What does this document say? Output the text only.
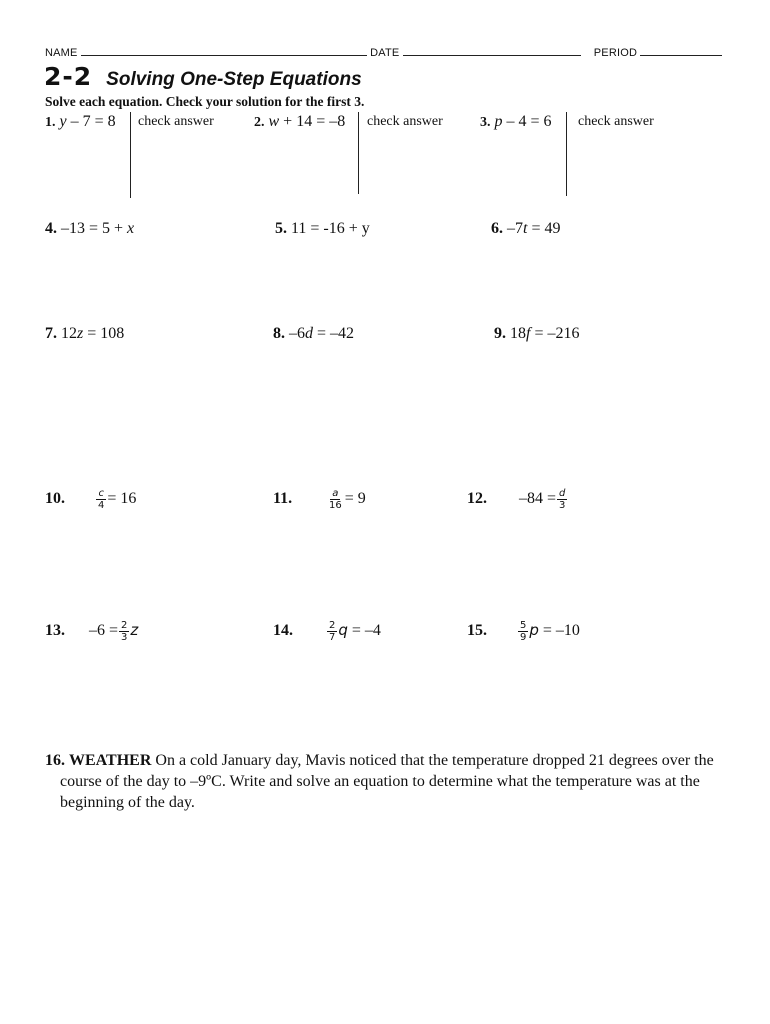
NAME	DATE	PERIOD
2-2 Solving One-Step Equations
Solve each equation. Check your solution for the first 3.
1. y – 7 = 8 check answer	2. w + 14 = –8 check answer	3. p – 4 = 6 check answer
4. –13 = 5 + x	5. 11 = -16 + y	6. –7t = 49
7. 12z = 108	8. –6d = –42	9. 18f = –216
10.	$\frac{c}{4} = 16$	11.	$\frac{a}{16} = 9$	12. $-84 = \frac{d}{3}$
13. $-6 = \frac{2}{3}$ z	14.	$\frac{2}{7}$ q = –4	15.	$\frac{5}{9}$ p = –10
16. WEATHER On a cold January day, Mavis noticed that the temperature dropped 21 degrees over the course of the day to –9ºC. Write and solve an equation to determine what the temperature was at the beginning of the day.
